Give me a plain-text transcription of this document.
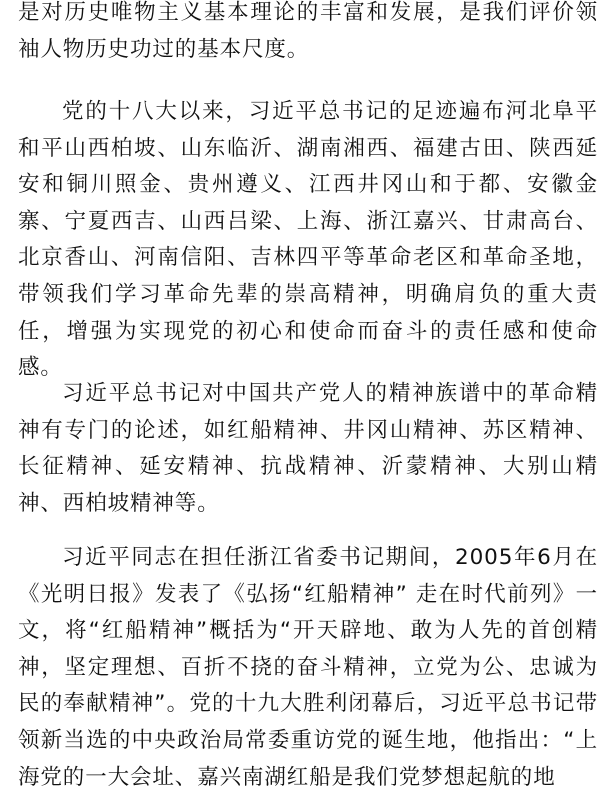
是对历史唯物主义基本理论的丰富和发展，是我们评价领袖人物历史功过的基本尺度。

党的十八大以来，习近平总书记的足迹遍布河北阜平和平山西柏坡、山东临沂、湖南湘西、福建古田、陕西延安和铜川照金、贵州遵义、江西井冈山和于都、安徽金寨、宁夏西吉、山西吕梁、上海、浙江嘉兴、甘肃高台、北京香山、河南信阳、吉林四平等革命老区和革命圣地，带领我们学习革命先辈的崇高精神，明确肩负的重大责任，增强为实现党的初心和使命而奋斗的责任感和使命感。

习近平总书记对中国共产党人的精神族谱中的革命精神有专门的论述，如红船精神、井冈山精神、苏区精神、长征精神、延安精神、抗战精神、沂蒙精神、大别山精神、西柏坡精神等。

习近平同志在担任浙江省委书记期间，2005年6月在《光明日报》发表了《弘扬“红船精神” 走在时代前列》一文，将“红船精神”概括为“开天辟地、敢为人先的首创精神，坚定理想、百折不挠的奋斗精神，立党为公、忠诚为民的奉献精神”。党的十九大胜利闭幕后，习近平总书记带领新当选的中央政治局常委重访党的诞生地，他指出：“上海党的一大会址、嘉兴南湖红船是我们党梦想起航的地
